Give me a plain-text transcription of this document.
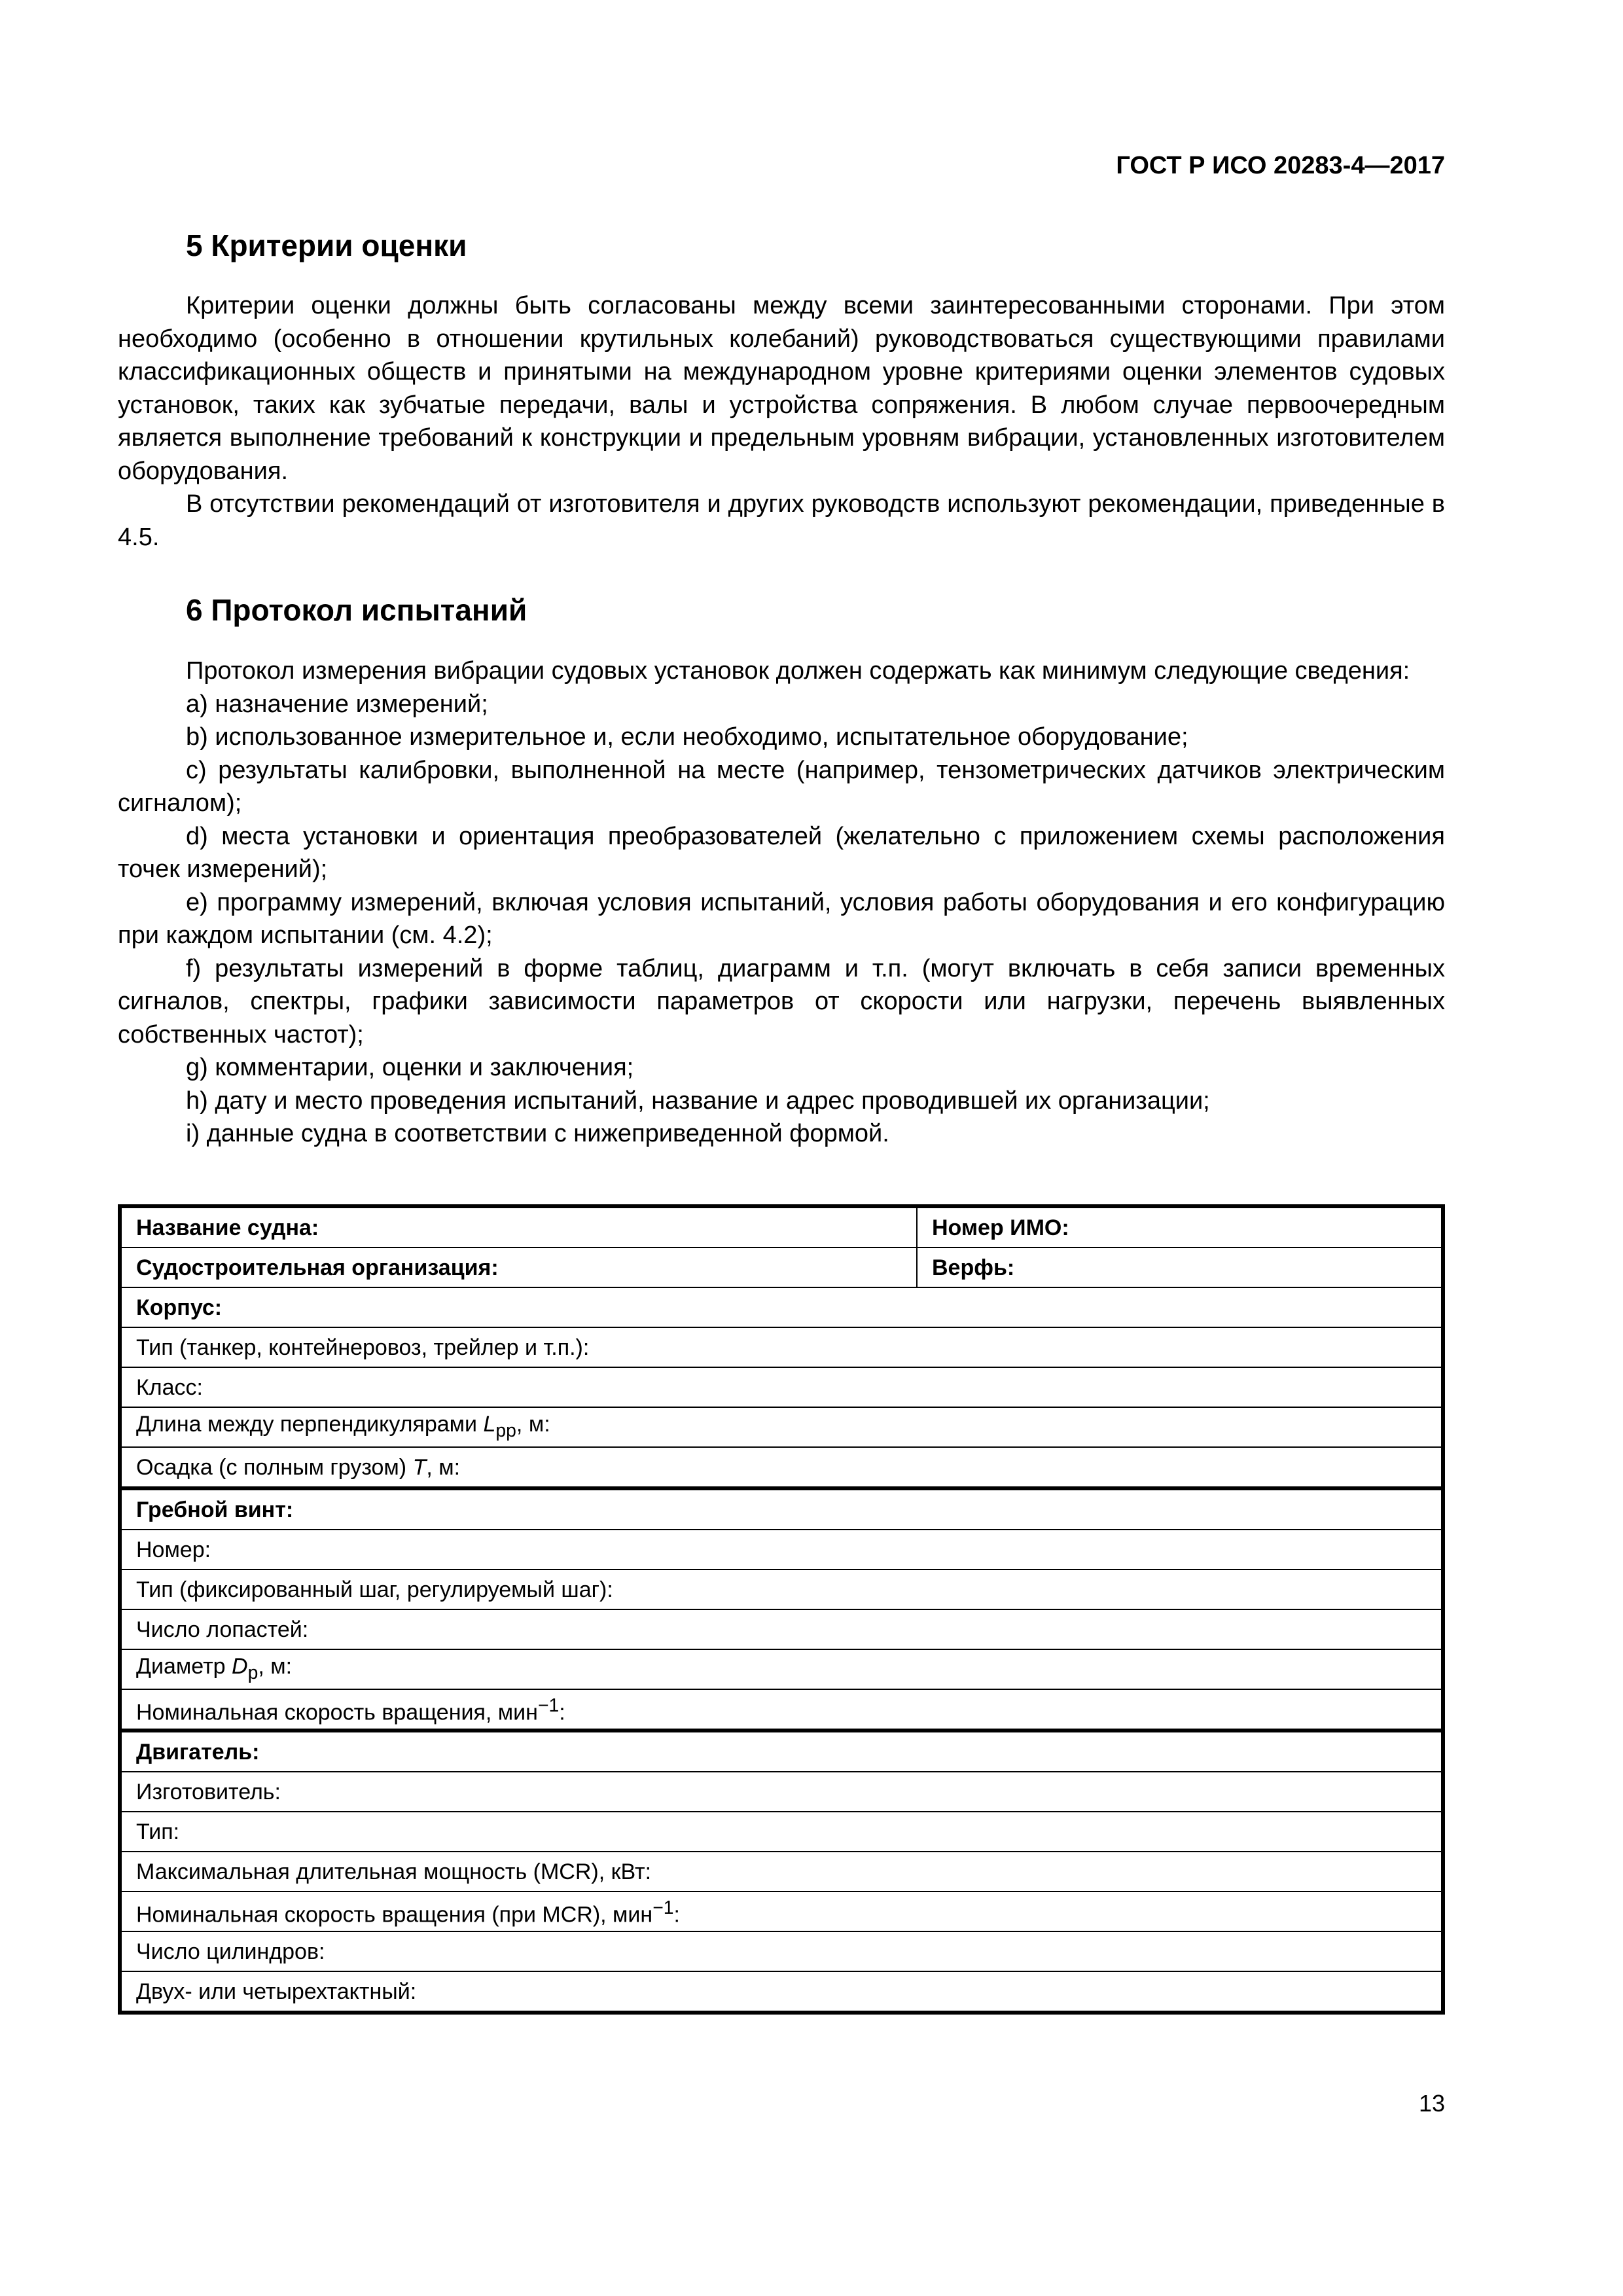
ГОСТ Р ИСО 20283-4—2017
5 Критерии оценки

Критерии оценки должны быть согласованы между всеми заинтересованными сторонами. При этом необходимо (особенно в отношении крутильных колебаний) руководствоваться существующими правилами классификационных обществ и принятыми на международном уровне критериями оценки элементов судовых установок, таких как зубчатые передачи, валы и устройства сопряжения. В любом случае первоочередным является выполнение требований к конструкции и предельным уровням вибрации, установленных изготовителем оборудования.

В отсутствии рекомендаций от изготовителя и других руководств используют рекомендации, приведенные в 4.5.

6 Протокол испытаний

Протокол измерения вибрации судовых установок должен содержать как минимум следующие сведения:

а) назначение измерений;

b) использованное измерительное и, если необходимо, испытательное оборудование;

с) результаты калибровки, выполненной на месте (например, тензометрических датчиков электрическим сигналом);

d) места установки и ориентация преобразователей (желательно с приложением схемы расположения точек измерений);

е) программу измерений, включая условия испытаний, условия работы оборудования и его конфигурацию при каждом испытании (см. 4.2);

f) результаты измерений в форме таблиц, диаграмм и т.п. (могут включать в себя записи временных сигналов, спектры, графики зависимости параметров от скорости или нагрузки, перечень выявленных собственных частот);

g) комментарии, оценки и заключения;

h) дату и место проведения испытаний, название и адрес проводившей их организации;

i) данные судна в соответствии с нижеприведенной формой.

Название судна:	Номер ИМО:
Судостроительная организация:	Верфь:
Корпус:	
Тип (танкер, контейнеровоз, трейлер и т.п.):	
Класс:	
Длина между перпендикулярами $L_{pp}$, м:	
Осадка (с полным грузом) T, м:	
Гребной винт:	
Номер:	
Тип (фиксированный шаг, регулируемый шаг):	
Число лопастей:	
Диаметр $D_p$, м:	
Номинальная скорость вращения, мин$^{-1}$:	
Двигатель:	
Изготовитель:	
Тип:	
Максимальная длительная мощность (MCR), кВт:	
Номинальная скорость вращения (при MCR), мин$^{-1}$:	
Число цилиндров:	
Двух- или четырехтактный:	
13
